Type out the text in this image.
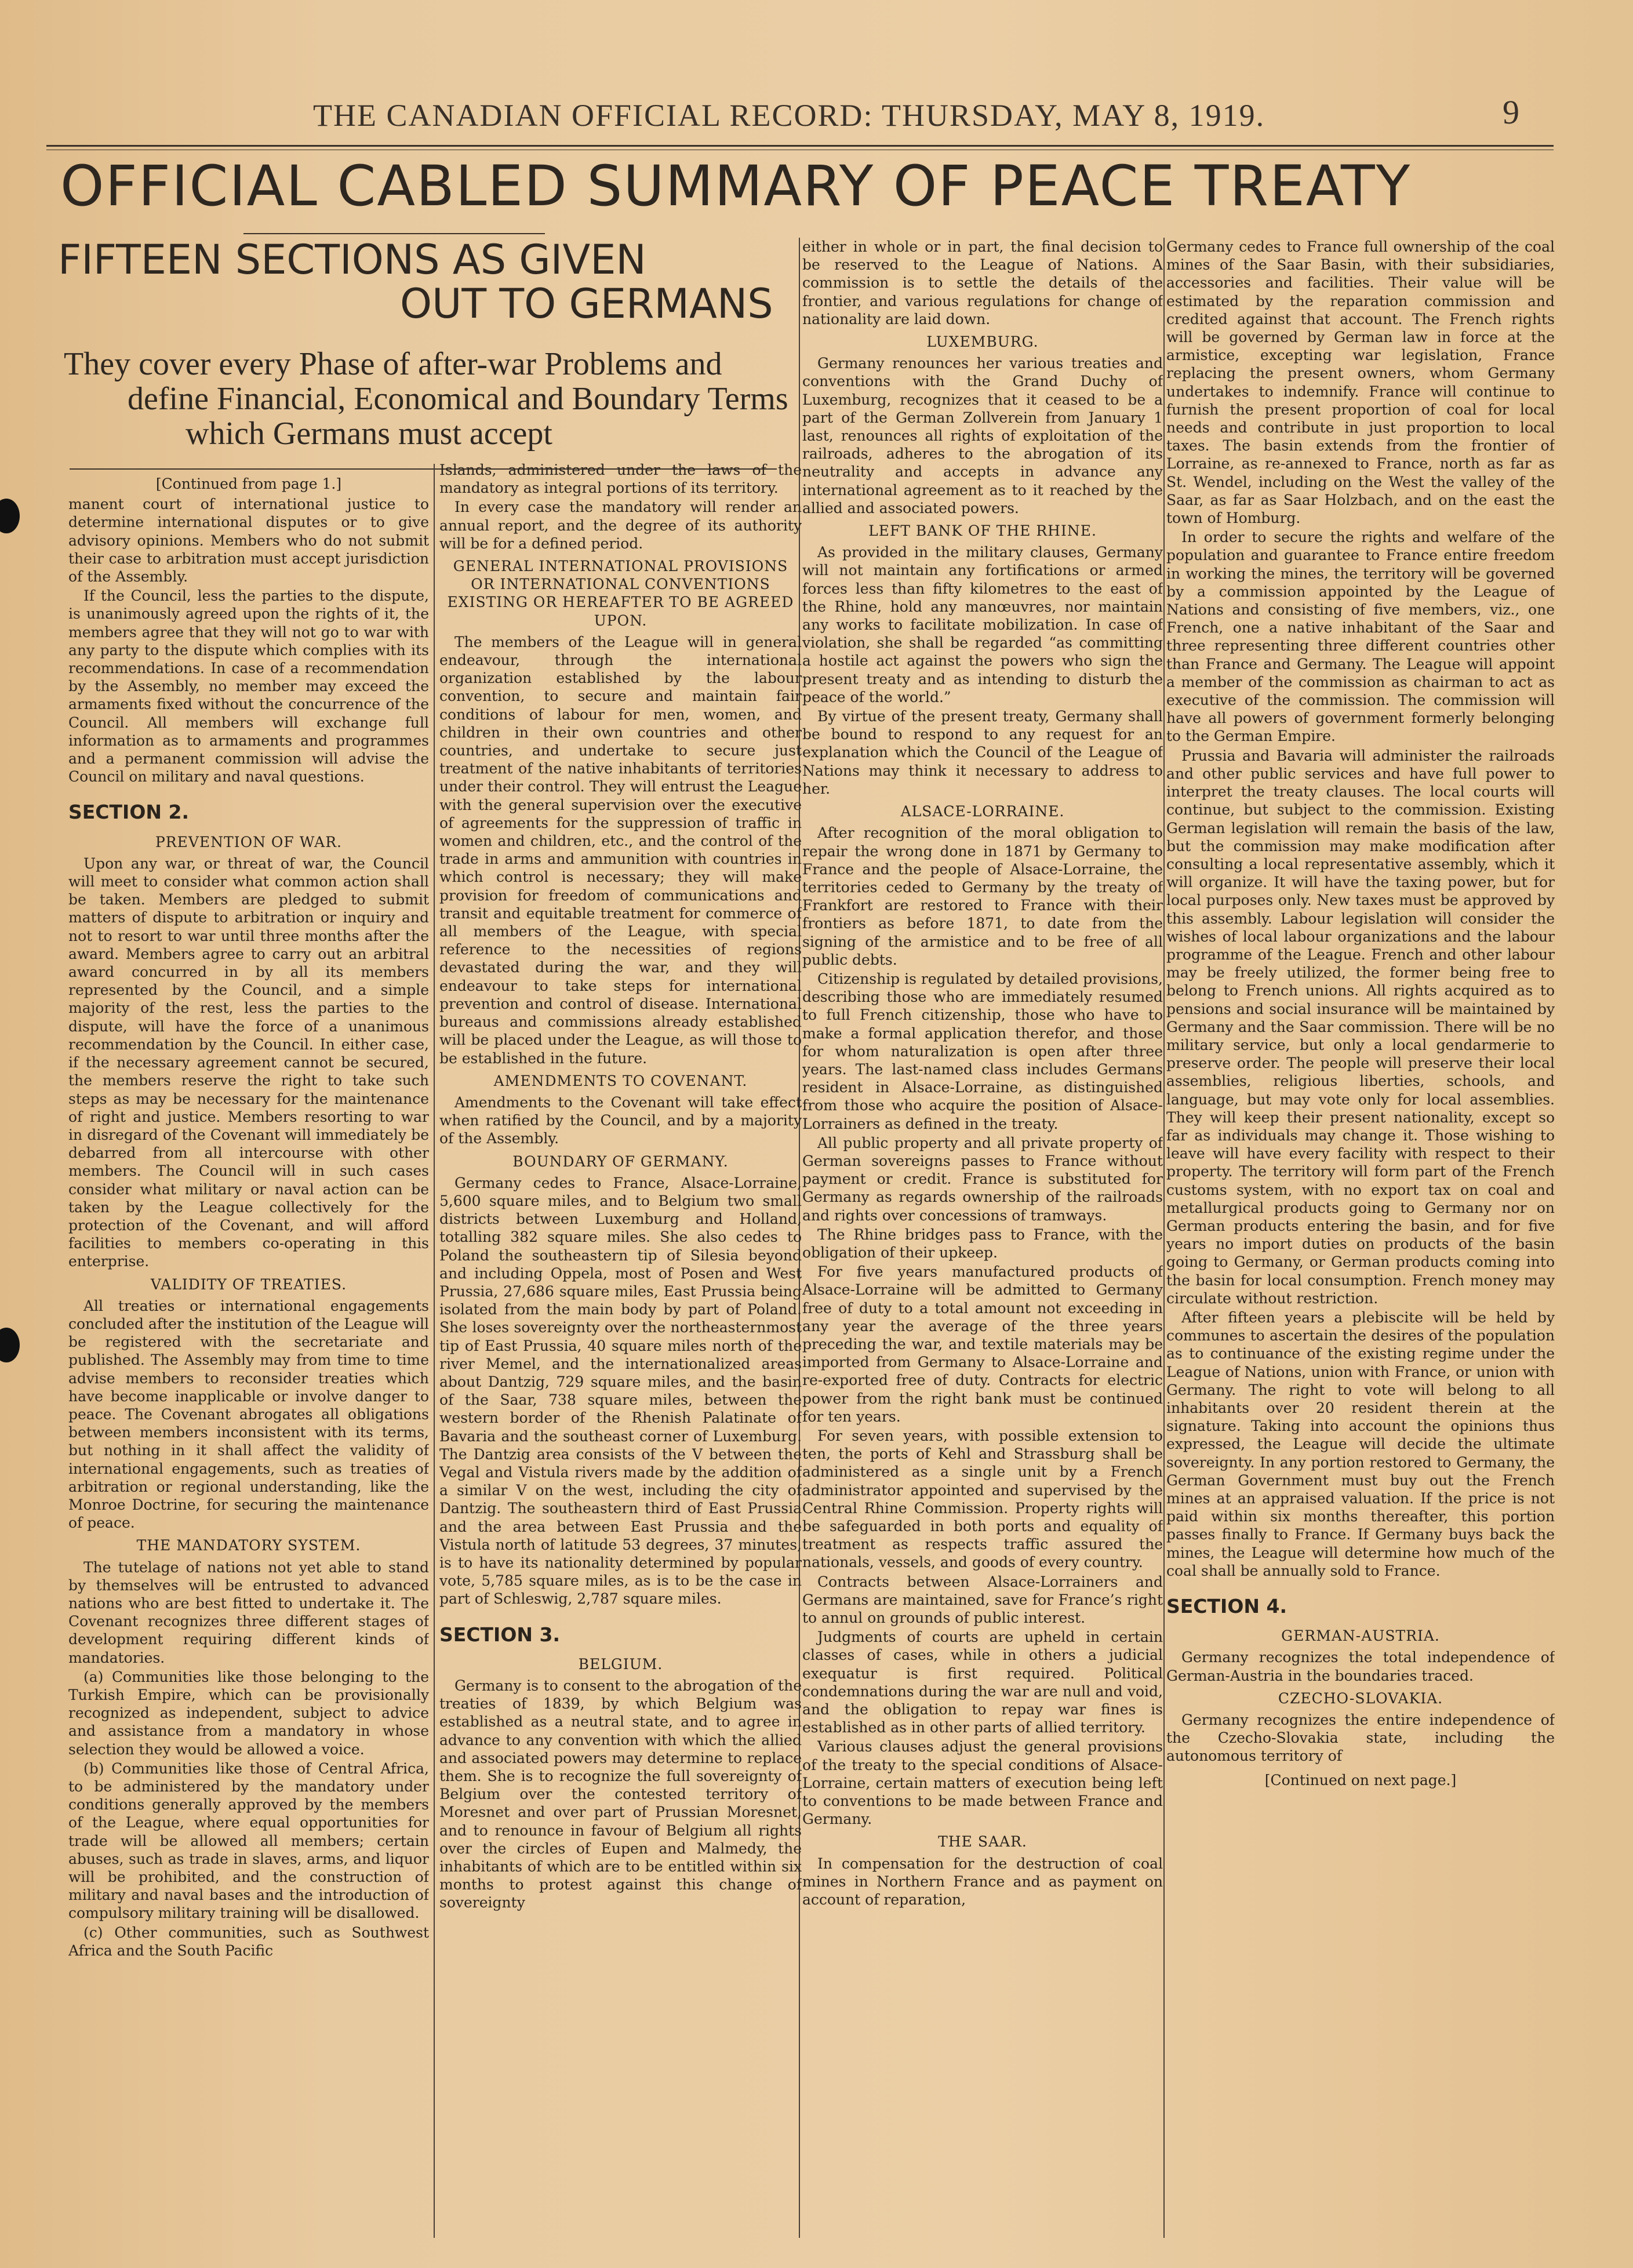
THE CANADIAN OFFICIAL RECORD: THURSDAY, MAY 8, 1919.	9
OFFICIAL CABLED SUMMARY OF PEACE TREATY
FIFTEEN SECTIONS AS GIVEN
OUT TO GERMANS
They cover every Phase of after-war Problems and
define Financial, Economical and Boundary Terms
which Germans must accept

[Continued from page 1.]

manent court of international justice to determine international disputes or to give advisory opinions. Members who do not submit their case to arbitration must accept jurisdiction of the Assembly.

If the Council, less the parties to the dispute, is unanimously agreed upon the rights of it, the members agree that they will not go to war with any party to the dispute which complies with its recommendations. In case of a recommendation by the Assembly, no member may exceed the armaments fixed without the concurrence of the Council. All members will exchange full information as to armaments and programmes and a permanent commission will advise the Council on military and naval questions.

SECTION 2.

PREVENTION OF WAR.

Upon any war, or threat of war, the Council will meet to consider what common action shall be taken. Members are pledged to submit matters of dispute to arbitration or inquiry and not to resort to war until three months after the award. Members agree to carry out an arbitral award concurred in by all its members represented by the Council, and a simple majority of the rest, less the parties to the dispute, will have the force of a unanimous recommendation by the Council. In either case, if the necessary agreement cannot be secured, the members reserve the right to take such steps as may be necessary for the maintenance of right and justice. Members resorting to war in disregard of the Covenant will immediately be debarred from all intercourse with other members. The Council will in such cases consider what military or naval action can be taken by the League collectively for the protection of the Covenant, and will afford facilities to members co-operating in this enterprise.

VALIDITY OF TREATIES.

All treaties or international engagements concluded after the institution of the League will be registered with the secretariate and published. The Assembly may from time to time advise members to reconsider treaties which have become inapplicable or involve danger to peace. The Covenant abrogates all obligations between members inconsistent with its terms, but nothing in it shall affect the validity of international engagements, such as treaties of arbitration or regional understanding, like the Monroe Doctrine, for securing the maintenance of peace.

THE MANDATORY SYSTEM.

The tutelage of nations not yet able to stand by themselves will be entrusted to advanced nations who are best fitted to undertake it. The Covenant recognizes three different stages of development requiring different kinds of mandatories.

(a) Communities like those belonging to the Turkish Empire, which can be provisionally recognized as independent, subject to advice and assistance from a mandatory in whose selection they would be allowed a voice.

(b) Communities like those of Central Africa, to be administered by the mandatory under conditions generally approved by the members of the League, where equal opportunities for trade will be allowed all members; certain abuses, such as trade in slaves, arms, and liquor will be prohibited, and the construction of military and naval bases and the introduction of compulsory military training will be disallowed.

(c) Other communities, such as Southwest Africa and the South Pacific

Islands, administered under the laws of the mandatory as integral portions of its territory.

In every case the mandatory will render an annual report, and the degree of its authority will be for a defined period.

GENERAL INTERNATIONAL PROVISIONS OR INTERNATIONAL CONVENTIONS EXISTING OR HEREAFTER TO BE AGREED UPON.

The members of the League will in general endeavour, through the international organization established by the labour convention, to secure and maintain fair conditions of labour for men, women, and children in their own countries and other countries, and undertake to secure just treatment of the native inhabitants of territories under their control. They will entrust the League with the general supervision over the executive of agreements for the suppression of traffic in women and children, etc., and the control of the trade in arms and ammunition with countries in which control is necessary; they will make provision for freedom of communications and transit and equitable treatment for commerce of all members of the League, with special reference to the necessities of regions devastated during the war, and they will endeavour to take steps for international prevention and control of disease. International bureaus and commissions already established will be placed under the League, as will those to be established in the future.

AMENDMENTS TO COVENANT.

Amendments to the Covenant will take effect when ratified by the Council, and by a majority of the Assembly.

BOUNDARY OF GERMANY.

Germany cedes to France, Alsace-Lorraine, 5,600 square miles, and to Belgium two small districts between Luxemburg and Holland, totalling 382 square miles. She also cedes to Poland the southeastern tip of Silesia beyond and including Oppela, most of Posen and West Prussia, 27,686 square miles, East Prussia being isolated from the main body by part of Poland. She loses sovereignty over the northeasternmost tip of East Prussia, 40 square miles north of the river Memel, and the internationalized areas about Dantzig, 729 square miles, and the basin of the Saar, 738 square miles, between the western border of the Rhenish Palatinate of Bavaria and the southeast corner of Luxemburg. The Dantzig area consists of the V between the Vegal and Vistula rivers made by the addition of a similar V on the west, including the city of Dantzig. The southeastern third of East Prussia and the area between East Prussia and the Vistula north of latitude 53 degrees, 37 minutes, is to have its nationality determined by popular vote, 5,785 square miles, as is to be the case in part of Schleswig, 2,787 square miles.

SECTION 3.

BELGIUM.

Germany is to consent to the abrogation of the treaties of 1839, by which Belgium was established as a neutral state, and to agree in advance to any convention with which the allied and associated powers may determine to replace them. She is to recognize the full sovereignty of Belgium over the contested territory of Moresnet and over part of Prussian Moresnet, and to renounce in favour of Belgium all rights over the circles of Eupen and Malmedy, the inhabitants of which are to be entitled within six months to protest against this change of sovereignty

either in whole or in part, the final decision to be reserved to the League of Nations. A commission is to settle the details of the frontier, and various regulations for change of nationality are laid down.

LUXEMBURG.

Germany renounces her various treaties and conventions with the Grand Duchy of Luxemburg, recognizes that it ceased to be a part of the German Zollverein from January 1 last, renounces all rights of exploitation of the railroads, adheres to the abrogation of its neutrality and accepts in advance any international agreement as to it reached by the allied and associated powers.

LEFT BANK OF THE RHINE.

As provided in the military clauses, Germany will not maintain any fortifications or armed forces less than fifty kilometres to the east of the Rhine, hold any manœuvres, nor maintain any works to facilitate mobilization. In case of violation, she shall be regarded “as committing a hostile act against the powers who sign the present treaty and as intending to disturb the peace of the world.”

By virtue of the present treaty, Germany shall be bound to respond to any request for an explanation which the Council of the League of Nations may think it necessary to address to her.

ALSACE-LORRAINE.

After recognition of the moral obligation to repair the wrong done in 1871 by Germany to France and the people of Alsace-Lorraine, the territories ceded to Germany by the treaty of Frankfort are restored to France with their frontiers as before 1871, to date from the signing of the armistice and to be free of all public debts.

Citizenship is regulated by detailed provisions, describing those who are immediately resumed to full French citizenship, those who have to make a formal application therefor, and those for whom naturalization is open after three years. The last-named class includes Germans resident in Alsace-Lorraine, as distinguished from those who acquire the position of Alsace-Lorrainers as defined in the treaty.

All public property and all private property of German sovereigns passes to France without payment or credit. France is substituted for Germany as regards ownership of the railroads and rights over concessions of tramways.

The Rhine bridges pass to France, with the obligation of their upkeep.

For five years manufactured products of Alsace-Lorraine will be admitted to Germany free of duty to a total amount not exceeding in any year the average of the three years preceding the war, and textile materials may be imported from Germany to Alsace-Lorraine and re-exported free of duty. Contracts for electric power from the right bank must be continued for ten years.

For seven years, with possible extension to ten, the ports of Kehl and Strassburg shall be administered as a single unit by a French administrator appointed and supervised by the Central Rhine Commission. Property rights will be safeguarded in both ports and equality of treatment as respects traffic assured the nationals, vessels, and goods of every country.

Contracts between Alsace-Lorrainers and Germans are maintained, save for France’s right to annul on grounds of public interest.

Judgments of courts are upheld in certain classes of cases, while in others a judicial exequatur is first required. Political condemnations during the war are null and void, and the obligation to repay war fines is established as in other parts of allied territory.

Various clauses adjust the general provisions of the treaty to the special conditions of Alsace-Lorraine, certain matters of execution being left to conventions to be made between France and Germany.

THE SAAR.

In compensation for the destruction of coal mines in Northern France and as payment on account of reparation,

Germany cedes to France full ownership of the coal mines of the Saar Basin, with their subsidiaries, accessories and facilities. Their value will be estimated by the reparation commission and credited against that account. The French rights will be governed by German law in force at the armistice, excepting war legislation, France replacing the present owners, whom Germany undertakes to indemnify. France will continue to furnish the present proportion of coal for local needs and contribute in just proportion to local taxes. The basin extends from the frontier of Lorraine, as re-annexed to France, north as far as St. Wendel, including on the West the valley of the Saar, as far as Saar Holzbach, and on the east the town of Homburg.

In order to secure the rights and welfare of the population and guarantee to France entire freedom in working the mines, the territory will be governed by a commission appointed by the League of Nations and consisting of five members, viz., one French, one a native inhabitant of the Saar and three representing three different countries other than France and Germany. The League will appoint a member of the commission as chairman to act as executive of the commission. The commission will have all powers of government formerly belonging to the German Empire.

Prussia and Bavaria will administer the railroads and other public services and have full power to interpret the treaty clauses. The local courts will continue, but subject to the commission. Existing German legislation will remain the basis of the law, but the commission may make modification after consulting a local representative assembly, which it will organize. It will have the taxing power, but for local purposes only. New taxes must be approved by this assembly. Labour legislation will consider the wishes of local labour organizations and the labour programme of the League. French and other labour may be freely utilized, the former being free to belong to French unions. All rights acquired as to pensions and social insurance will be maintained by Germany and the Saar commission. There will be no military service, but only a local gendarmerie to preserve order. The people will preserve their local assemblies, religious liberties, schools, and language, but may vote only for local assemblies. They will keep their present nationality, except so far as individuals may change it. Those wishing to leave will have every facility with respect to their property. The territory will form part of the French customs system, with no export tax on coal and metallurgical products going to Germany nor on German products entering the basin, and for five years no import duties on products of the basin going to Germany, or German products coming into the basin for local consumption. French money may circulate without restriction.

After fifteen years a plebiscite will be held by communes to ascertain the desires of the population as to continuance of the existing regime under the League of Nations, union with France, or union with Germany. The right to vote will belong to all inhabitants over 20 resident therein at the signature. Taking into account the opinions thus expressed, the League will decide the ultimate sovereignty. In any portion restored to Germany, the German Government must buy out the French mines at an appraised valuation. If the price is not paid within six months thereafter, this portion passes finally to France. If Germany buys back the mines, the League will determine how much of the coal shall be annually sold to France.

SECTION 4.

GERMAN-AUSTRIA.

Germany recognizes the total independence of German-Austria in the boundaries traced.

CZECHO-SLOVAKIA.

Germany recognizes the entire independence of the Czecho-Slovakia state, including the autonomous territory of

[Continued on next page.]
